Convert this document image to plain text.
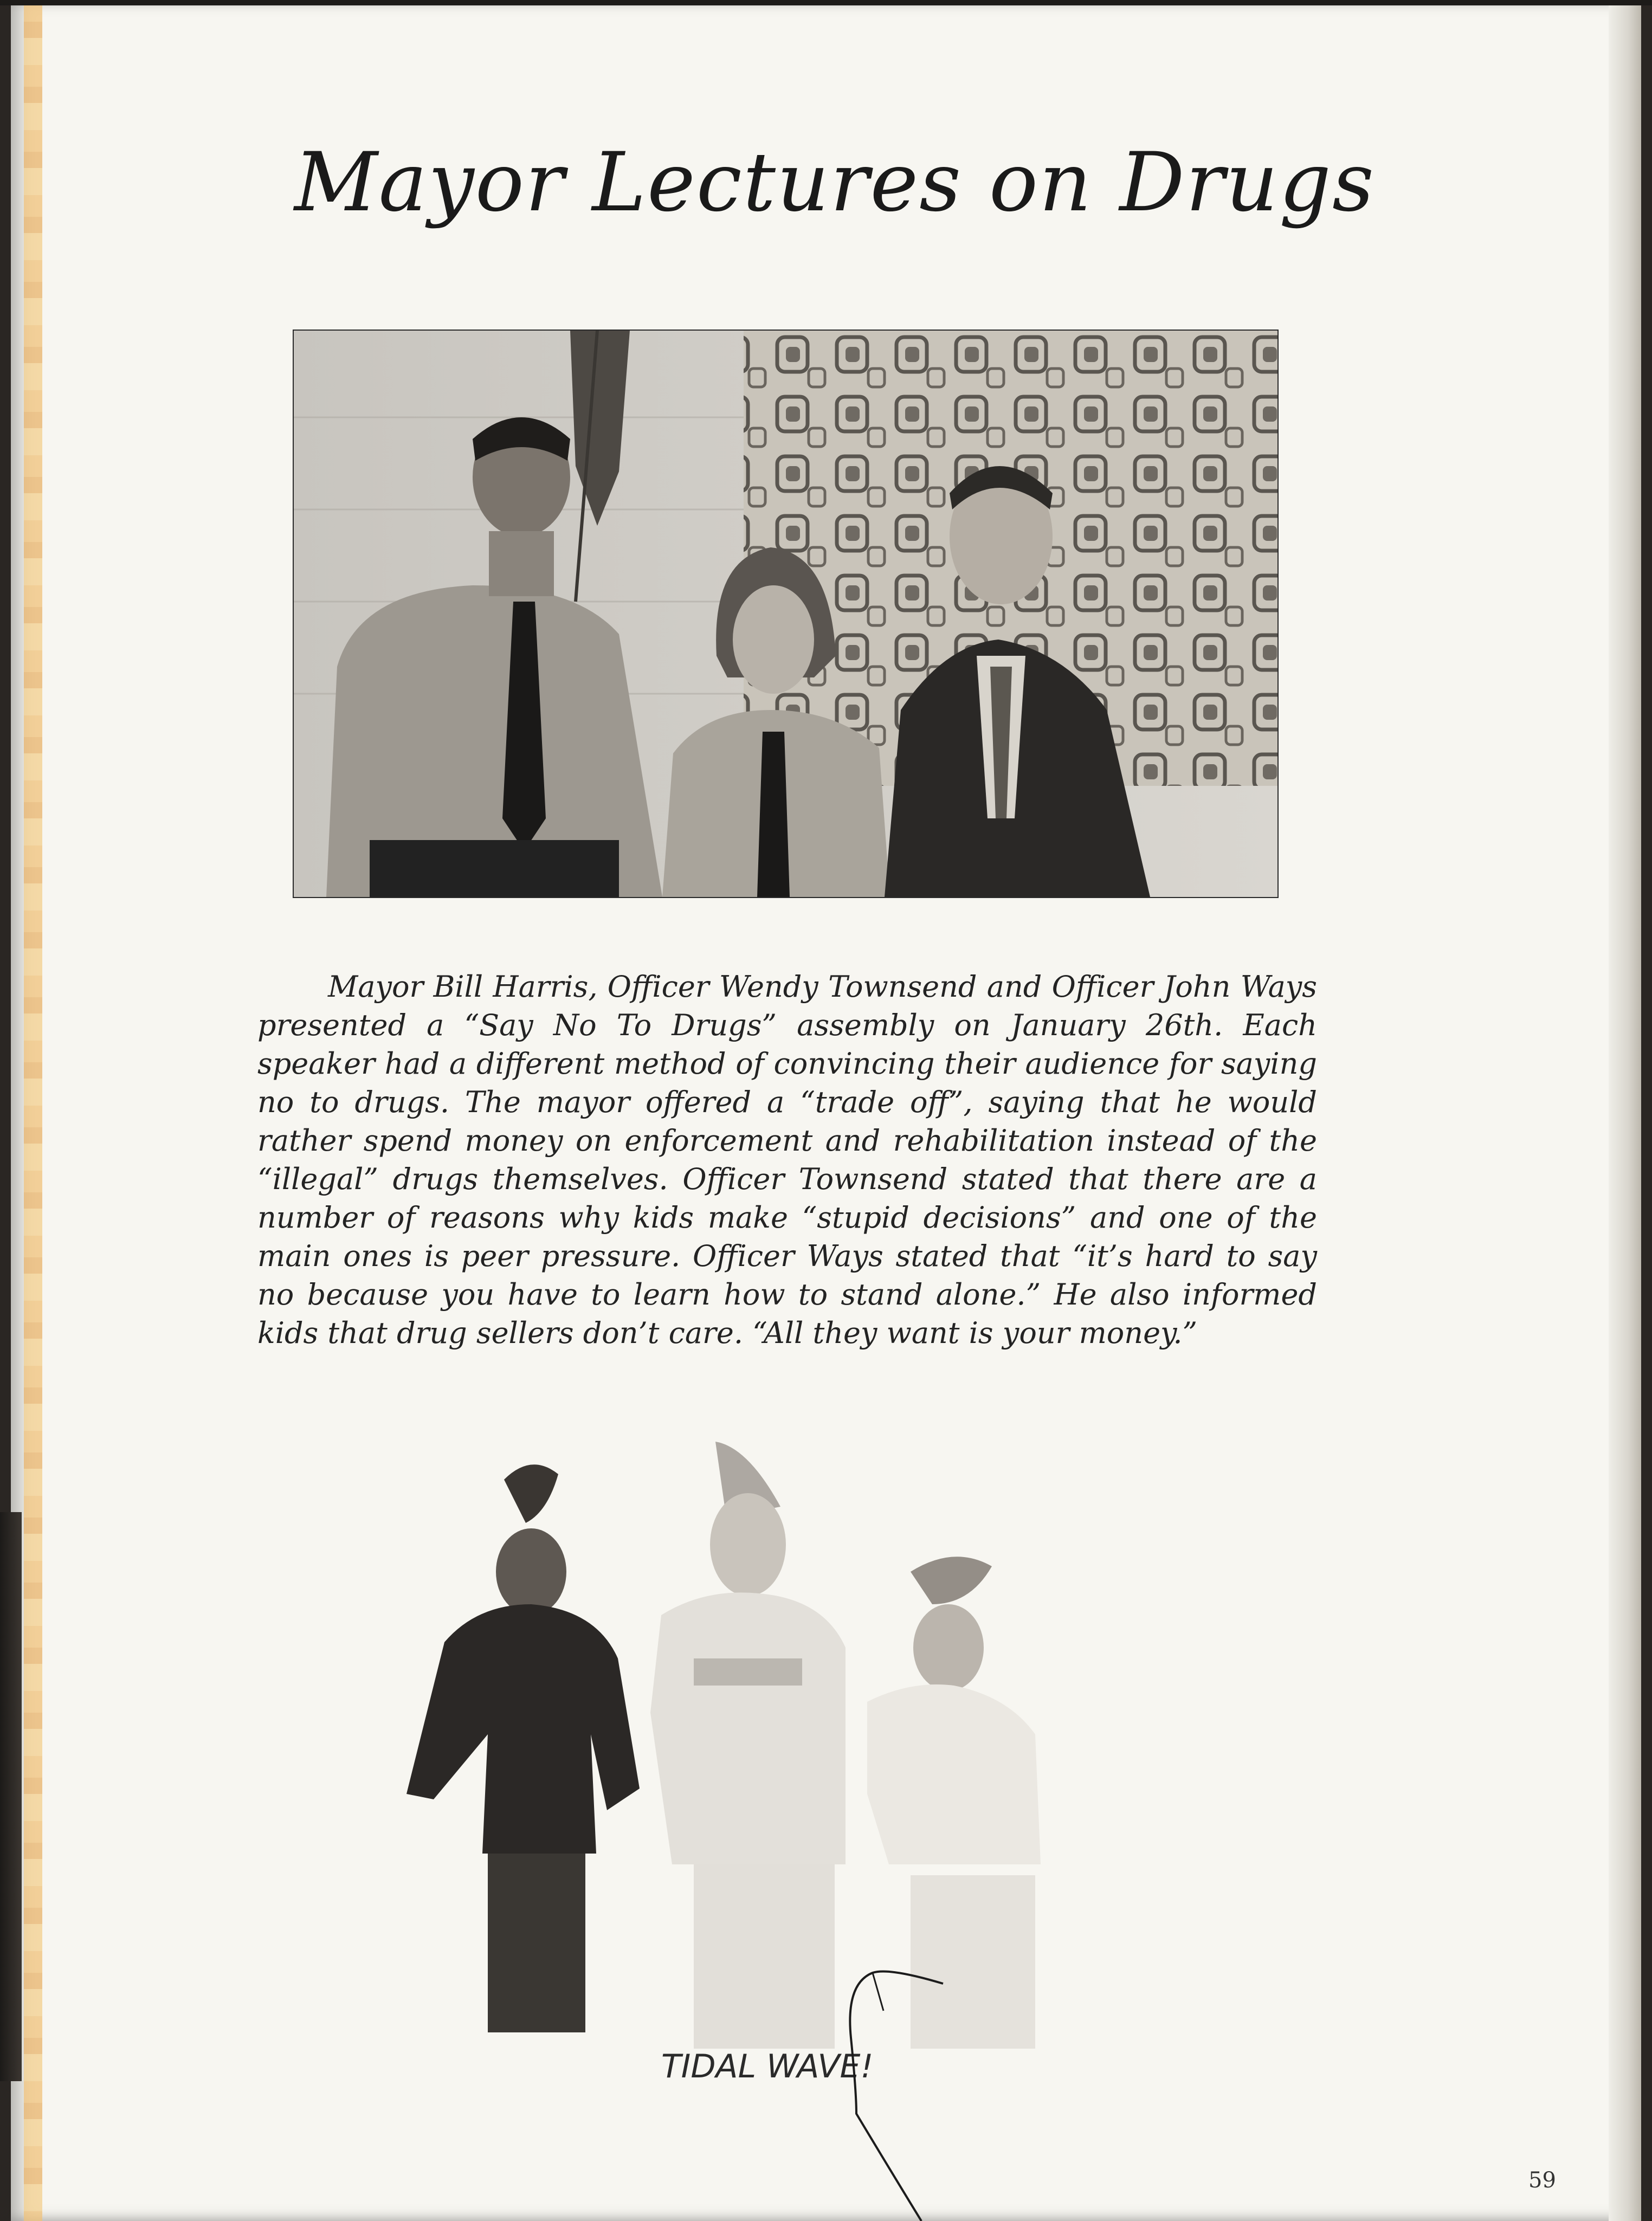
Mayor Lectures on Drugs

Mayor Bill Harris, Officer Wendy Townsend and Officer John Ways presented a “Say No To Drugs” assembly on January 26th. Each speaker had a different method of convincing their audience for saying no to drugs. The mayor offered a “trade off”, saying that he would rather spend money on enforcement and rehabilitation instead of the “illegal” drugs themselves. Officer Townsend stated that there are a number of reasons why kids make “stupid decisions” and one of the main ones is peer pressure. Officer Ways stated that “it’s hard to say no because you have to learn how to stand alone.” He also informed kids that drug sellers don’t care. “All they want is your money.”

TIDAL WAVE!

59
